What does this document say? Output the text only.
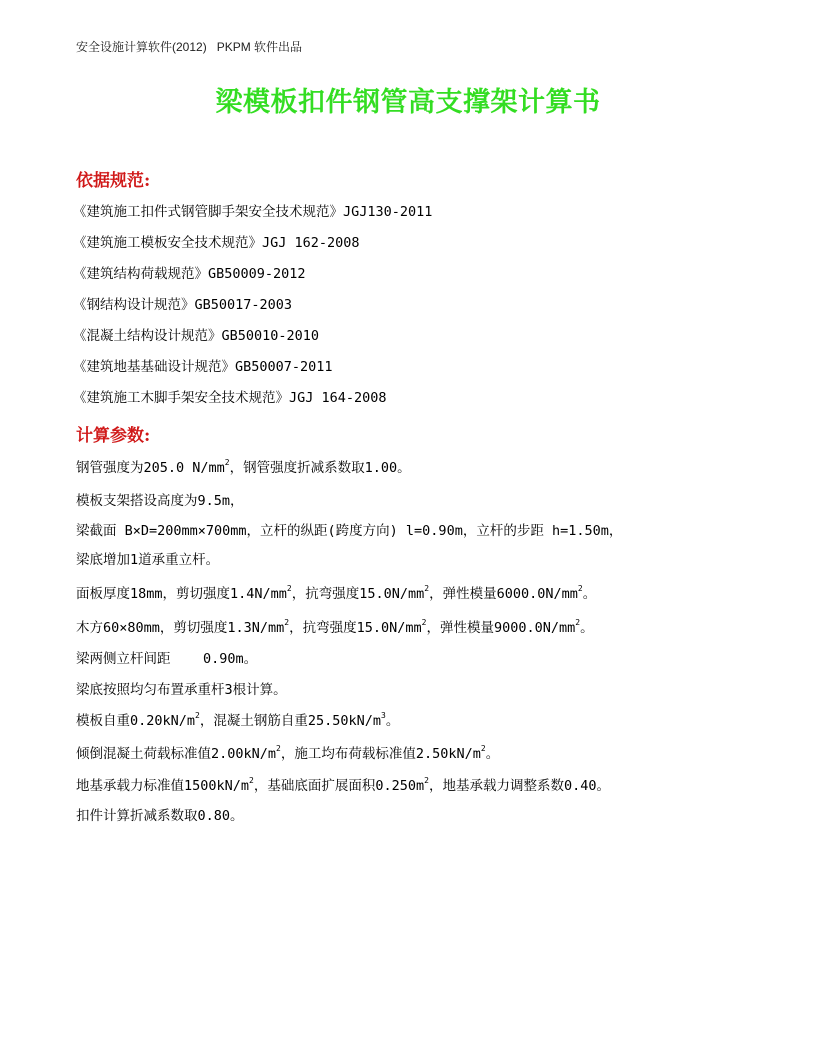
安全设施计算软件(2012) PKPM 软件出品
梁模板扣件钢管高支撑架计算书
依据规范:
《建筑施工扣件式钢管脚手架安全技术规范》JGJ130-2011
《建筑施工模板安全技术规范》JGJ 162-2008
《建筑结构荷载规范》GB50009-2012
《钢结构设计规范》GB50017-2003
《混凝土结构设计规范》GB50010-2010
《建筑地基基础设计规范》GB50007-2011
《建筑施工木脚手架安全技术规范》JGJ 164-2008
计算参数:
钢管强度为205.0 $N/mm^2$，钢管强度折减系数取1.00。
模板支架搭设高度为9.5m，
梁截面 B×D=200mm×700mm，立杆的纵距(跨度方向) l=0.90m，立杆的步距 h=1.50m，
梁底增加1道承重立杆。
面板厚度18mm，剪切强度$1.4N/mm^2$，抗弯强度$15.0N/mm^2$，弹性模量$6000.0N/mm^2$。
木方60×80mm，剪切强度$1.3N/mm^2$，抗弯强度$15.0N/mm^2$，弹性模量$9000.0N/mm^2$。
梁两侧立杆间距    0.90m。
梁底按照均匀布置承重杆3根计算。
模板自重$0.20kN/m^2$，混凝土钢筋自重$25.50kN/m^3$。
倾倒混凝土荷载标准值$2.00kN/m^2$，施工均布荷载标准值$2.50kN/m^2$。
地基承载力标准值$1500kN/m^2$，基础底面扩展面积$0.250m^2$，地基承载力调整系数0.40。
扣件计算折减系数取0.80。
